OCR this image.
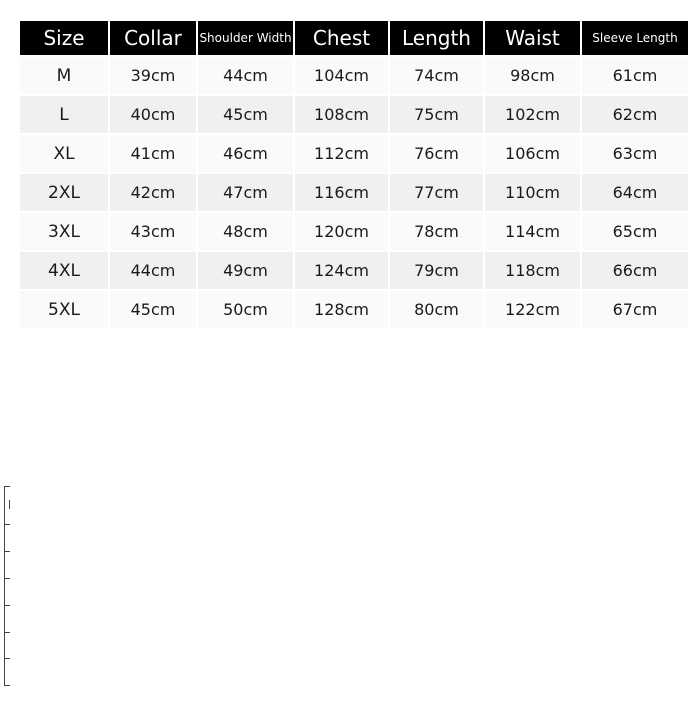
Size	Collar	Shoulder Width	Chest	Length	Waist	Sleeve Length
M	39cm	44cm	104cm	74cm	98cm	61cm
L	40cm	45cm	108cm	75cm	102cm	62cm
XL	41cm	46cm	112cm	76cm	106cm	63cm
2XL	42cm	47cm	116cm	77cm	110cm	64cm
3XL	43cm	48cm	120cm	78cm	114cm	65cm
4XL	44cm	49cm	124cm	79cm	118cm	66cm
5XL	45cm	50cm	128cm	80cm	122cm	67cm
